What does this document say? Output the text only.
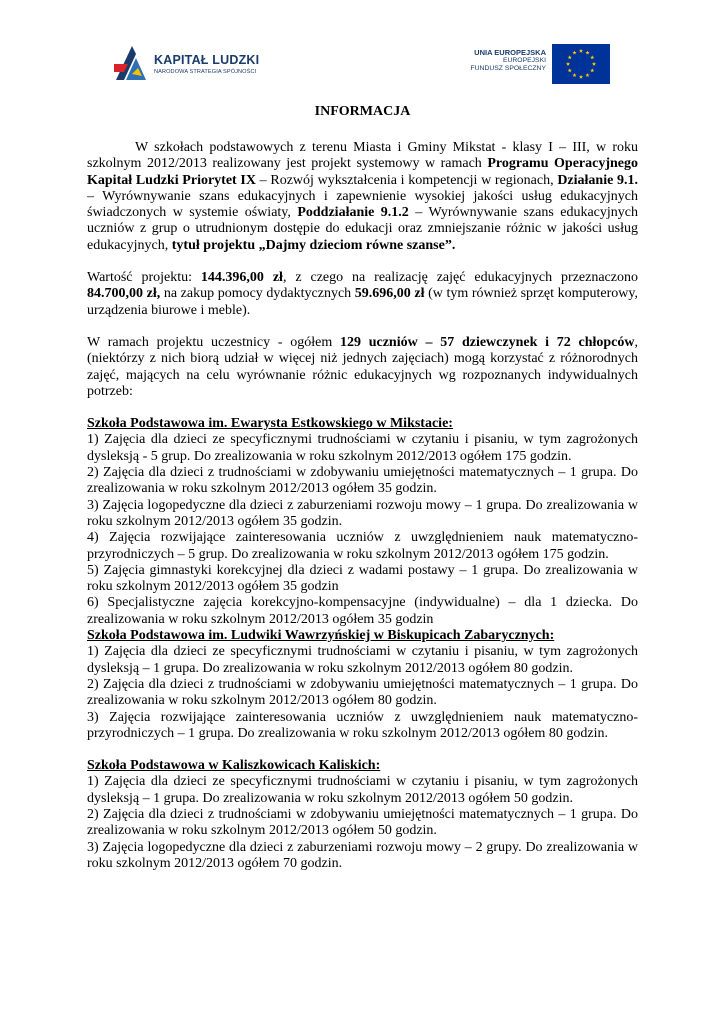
KAPITAŁ LUDZKI
NARODOWA STRATEGIA SPÓJNOŚCI
UNIA EUROPEJSKA
EUROPEJSKI
FUNDUSZ SPOŁECZNY
INFORMACJA

W szkołach podstawowych z terenu Miasta i Gminy Mikstat - klasy I – III, w roku szkolnym 2012/2013 realizowany jest projekt systemowy w ramach Programu Operacyjnego Kapitał Ludzki Priorytet IX – Rozwój wykształcenia i kompetencji w regionach, Działanie 9.1. – Wyrównywanie szans edukacyjnych i zapewnienie wysokiej jakości usług edukacyjnych świadczonych w systemie oświaty, Poddziałanie 9.1.2 – Wyrównywanie szans edukacyjnych uczniów z grup o utrudnionym dostępie do edukacji oraz zmniejszanie różnic w jakości usług edukacyjnych, tytuł projektu „Dajmy dzieciom równe szanse”.

Wartość projektu: 144.396,00 zł, z czego na realizację zajęć edukacyjnych przeznaczono 84.700,00 zł, na zakup pomocy dydaktycznych 59.696,00 zł (w tym również sprzęt komputerowy, urządzenia biurowe i meble).

W ramach projektu uczestnicy - ogółem 129 uczniów – 57 dziewczynek i 72 chłopców, (niektórzy z nich biorą udział w więcej niż jednych zajęciach) mogą korzystać z różnorodnych zajęć, mających na celu wyrównanie różnic edukacyjnych wg rozpoznanych indywidualnych potrzeb:

Szkoła Podstawowa im. Ewarysta Estkowskiego w Mikstacie:

1) Zajęcia dla dzieci ze specyficznymi trudnościami w czytaniu i pisaniu, w tym zagrożonych dysleksją - 5 grup. Do zrealizowania w roku szkolnym 2012/2013 ogółem 175 godzin.

2) Zajęcia dla dzieci z trudnościami w zdobywaniu umiejętności matematycznych – 1 grupa. Do zrealizowania w roku szkolnym 2012/2013 ogółem 35 godzin.

3) Zajęcia logopedyczne dla dzieci z zaburzeniami rozwoju mowy – 1 grupa. Do zrealizowania w roku szkolnym 2012/2013 ogółem 35 godzin.

4) Zajęcia rozwijające zainteresowania uczniów z uwzględnieniem nauk matematyczno-przyrodniczych – 5 grup. Do zrealizowania w roku szkolnym 2012/2013 ogółem 175 godzin.

5) Zajęcia gimnastyki korekcyjnej dla dzieci z wadami postawy – 1 grupa. Do zrealizowania w roku szkolnym 2012/2013 ogółem 35 godzin

6) Specjalistyczne zajęcia korekcyjno-kompensacyjne (indywidualne) – dla 1 dziecka. Do zrealizowania w roku szkolnym 2012/2013 ogółem 35 godzin

Szkoła Podstawowa im. Ludwiki Wawrzyńskiej w Biskupicach Zabarycznych:

1) Zajęcia dla dzieci ze specyficznymi trudnościami w czytaniu i pisaniu, w tym zagrożonych dysleksją – 1 grupa. Do zrealizowania w roku szkolnym 2012/2013 ogółem 80 godzin.

2) Zajęcia dla dzieci z trudnościami w zdobywaniu umiejętności matematycznych – 1 grupa. Do zrealizowania w roku szkolnym 2012/2013 ogółem 80 godzin.

3) Zajęcia rozwijające zainteresowania uczniów z uwzględnieniem nauk matematyczno-przyrodniczych – 1 grupa. Do zrealizowania w roku szkolnym 2012/2013 ogółem 80 godzin.

Szkoła Podstawowa w Kaliszkowicach Kaliskich:

1) Zajęcia dla dzieci ze specyficznymi trudnościami w czytaniu i pisaniu, w tym zagrożonych dysleksją – 1 grupa. Do zrealizowania w roku szkolnym 2012/2013 ogółem 50 godzin.

2) Zajęcia dla dzieci z trudnościami w zdobywaniu umiejętności matematycznych – 1 grupa. Do zrealizowania w roku szkolnym 2012/2013 ogółem 50 godzin.

3) Zajęcia logopedyczne dla dzieci z zaburzeniami rozwoju mowy – 2 grupy. Do zrealizowania w roku szkolnym 2012/2013 ogółem 70 godzin.
